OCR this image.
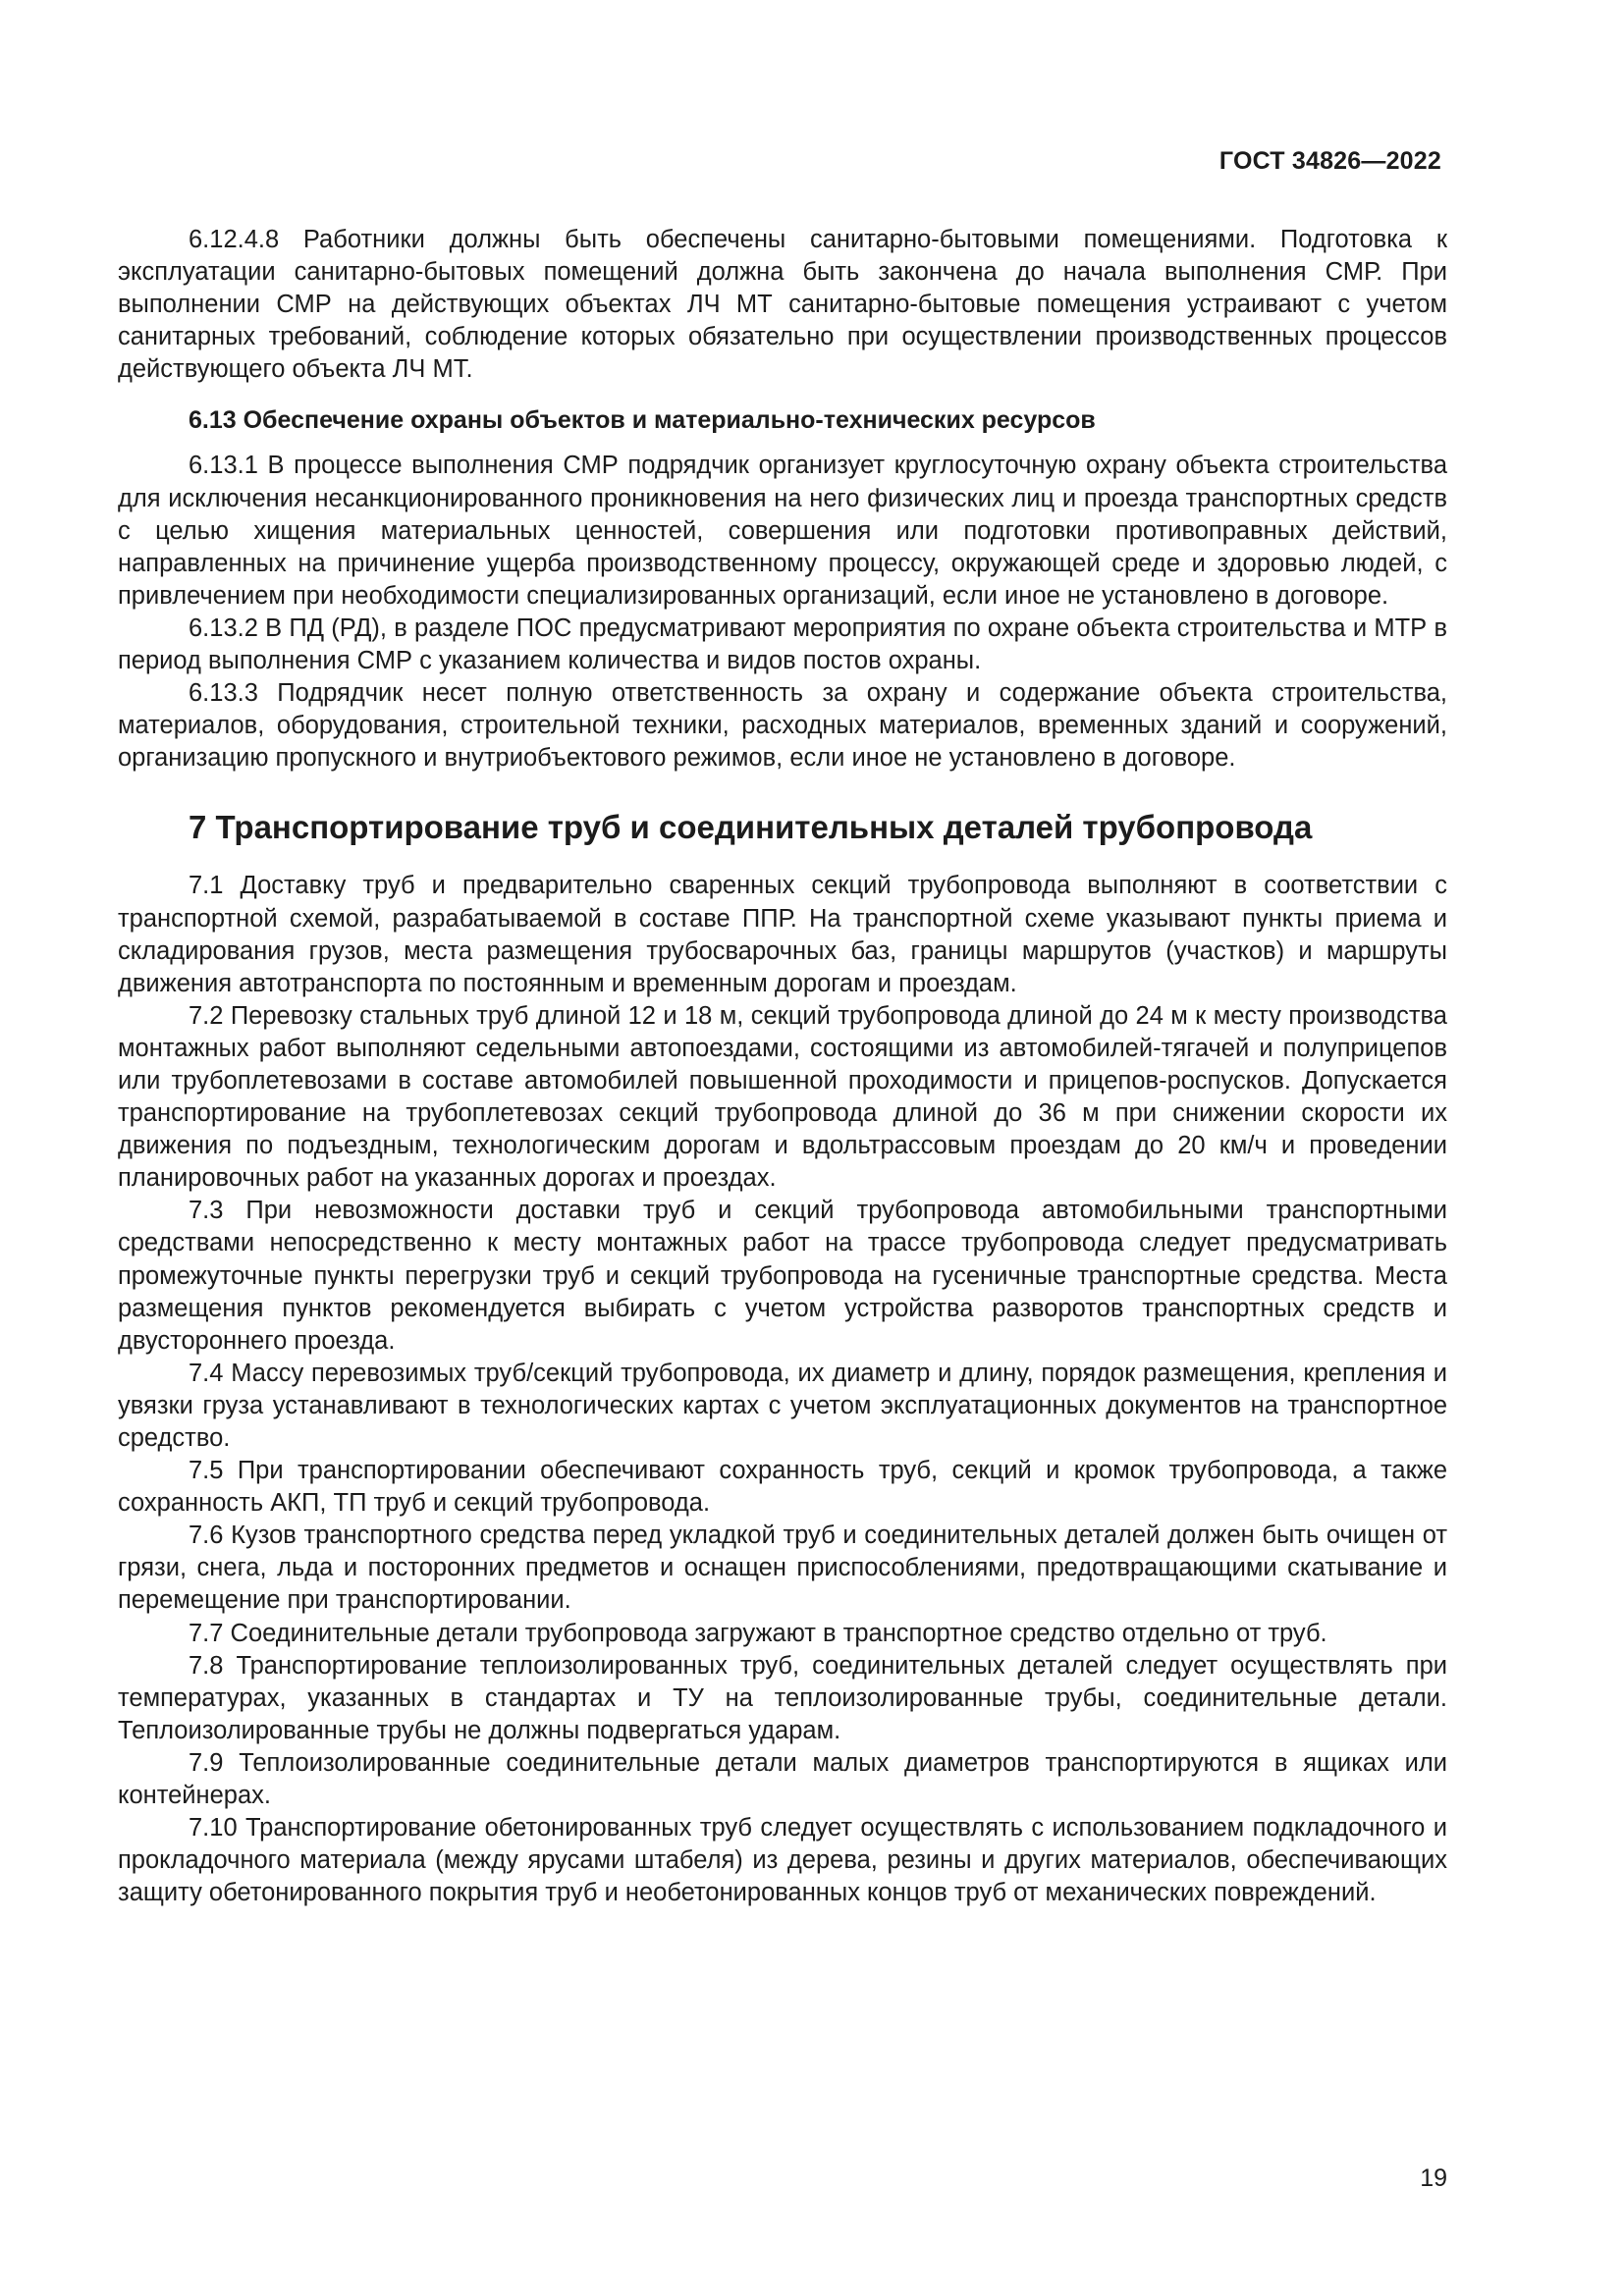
ГОСТ 34826—2022

6.12.4.8 Работники должны быть обеспечены санитарно-бытовыми помещениями. Подготовка к эксплуатации санитарно-бытовых помещений должна быть закончена до начала выполнения СМР. При выполнении СМР на действующих объектах ЛЧ МТ санитарно-бытовые помещения устраивают с учетом санитарных требований, соблюдение которых обязательно при осуществлении производственных процессов действующего объекта ЛЧ МТ.

6.13 Обеспечение охраны объектов и материально-технических ресурсов

6.13.1 В процессе выполнения СМР подрядчик организует круглосуточную охрану объекта строительства для исключения несанкционированного проникновения на него физических лиц и проезда транспортных средств с целью хищения материальных ценностей, совершения или подготовки противоправных действий, направленных на причинение ущерба производственному процессу, окружающей среде и здоровью людей, с привлечением при необходимости специализированных организаций, если иное не установлено в договоре.

6.13.2 В ПД (РД), в разделе ПОС предусматривают мероприятия по охране объекта строительства и МТР в период выполнения СМР с указанием количества и видов постов охраны.

6.13.3 Подрядчик несет полную ответственность за охрану и содержание объекта строительства, материалов, оборудования, строительной техники, расходных материалов, временных зданий и сооружений, организацию пропускного и внутриобъектового режимов, если иное не установлено в договоре.

7 Транспортирование труб и соединительных деталей трубопровода

7.1 Доставку труб и предварительно сваренных секций трубопровода выполняют в соответствии с транспортной схемой, разрабатываемой в составе ППР. На транспортной схеме указывают пункты приема и складирования грузов, места размещения трубосварочных баз, границы маршрутов (участков) и маршруты движения автотранспорта по постоянным и временным дорогам и проездам.

7.2 Перевозку стальных труб длиной 12 и 18 м, секций трубопровода длиной до 24 м к месту производства монтажных работ выполняют седельными автопоездами, состоящими из автомобилей-тягачей и полуприцепов или трубоплетевозами в составе автомобилей повышенной проходимости и прицепов-роспусков. Допускается транспортирование на трубоплетевозах секций трубопровода длиной до 36 м при снижении скорости их движения по подъездным, технологическим дорогам и вдольтрассовым проездам до 20 км/ч и проведении планировочных работ на указанных дорогах и проездах.

7.3 При невозможности доставки труб и секций трубопровода автомобильными транспортными средствами непосредственно к месту монтажных работ на трассе трубопровода следует предусматривать промежуточные пункты перегрузки труб и секций трубопровода на гусеничные транспортные средства. Места размещения пунктов рекомендуется выбирать с учетом устройства разворотов транспортных средств и двустороннего проезда.

7.4 Массу перевозимых труб/секций трубопровода, их диаметр и длину, порядок размещения, крепления и увязки груза устанавливают в технологических картах с учетом эксплуатационных документов на транспортное средство.

7.5 При транспортировании обеспечивают сохранность труб, секций и кромок трубопровода, а также сохранность АКП, ТП труб и секций трубопровода.

7.6 Кузов транспортного средства перед укладкой труб и соединительных деталей должен быть очищен от грязи, снега, льда и посторонних предметов и оснащен приспособлениями, предотвращающими скатывание и перемещение при транспортировании.

7.7 Соединительные детали трубопровода загружают в транспортное средство отдельно от труб.

7.8 Транспортирование теплоизолированных труб, соединительных деталей следует осуществлять при температурах, указанных в стандартах и ТУ на теплоизолированные трубы, соединительные детали. Теплоизолированные трубы не должны подвергаться ударам.

7.9 Теплоизолированные соединительные детали малых диаметров транспортируются в ящиках или контейнерах.

7.10 Транспортирование обетонированных труб следует осуществлять с использованием подкладочного и прокладочного материала (между ярусами штабеля) из дерева, резины и других материалов, обеспечивающих защиту обетонированного покрытия труб и необетонированных концов труб от механических повреждений.

19
